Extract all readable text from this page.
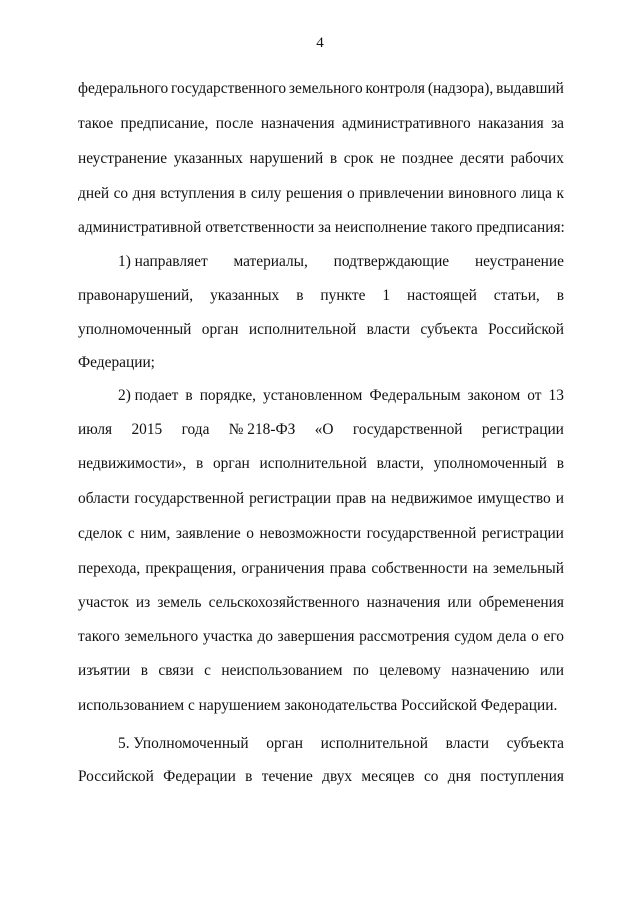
4
федерального государственного земельного контроля (надзора), выдавший
такое предписание, после назначения административного наказания за
неустранение указанных нарушений в срок не позднее десяти рабочих
дней со дня вступления в силу решения о привлечении виновного лица к
административной ответственности за неисполнение такого предписания:
1) направляет материалы, подтверждающие неустранение
правонарушений, указанных в пункте 1 настоящей статьи, в
уполномоченный орган исполнительной власти субъекта Российской
Федерации;
2) подает в порядке, установленном Федеральным законом от 13
июля 2015 года № 218-ФЗ «О государственной регистрации
недвижимости», в орган исполнительной власти, уполномоченный в
области государственной регистрации прав на недвижимое имущество и
сделок с ним, заявление о невозможности государственной регистрации
перехода, прекращения, ограничения права собственности на земельный
участок из земель сельскохозяйственного назначения или обременения
такого земельного участка до завершения рассмотрения судом дела о его
изъятии в связи с неиспользованием по целевому назначению или
использованием с нарушением законодательства Российской Федерации.
5. Уполномоченный орган исполнительной власти субъекта
Российской Федерации в течение двух месяцев со дня поступления
